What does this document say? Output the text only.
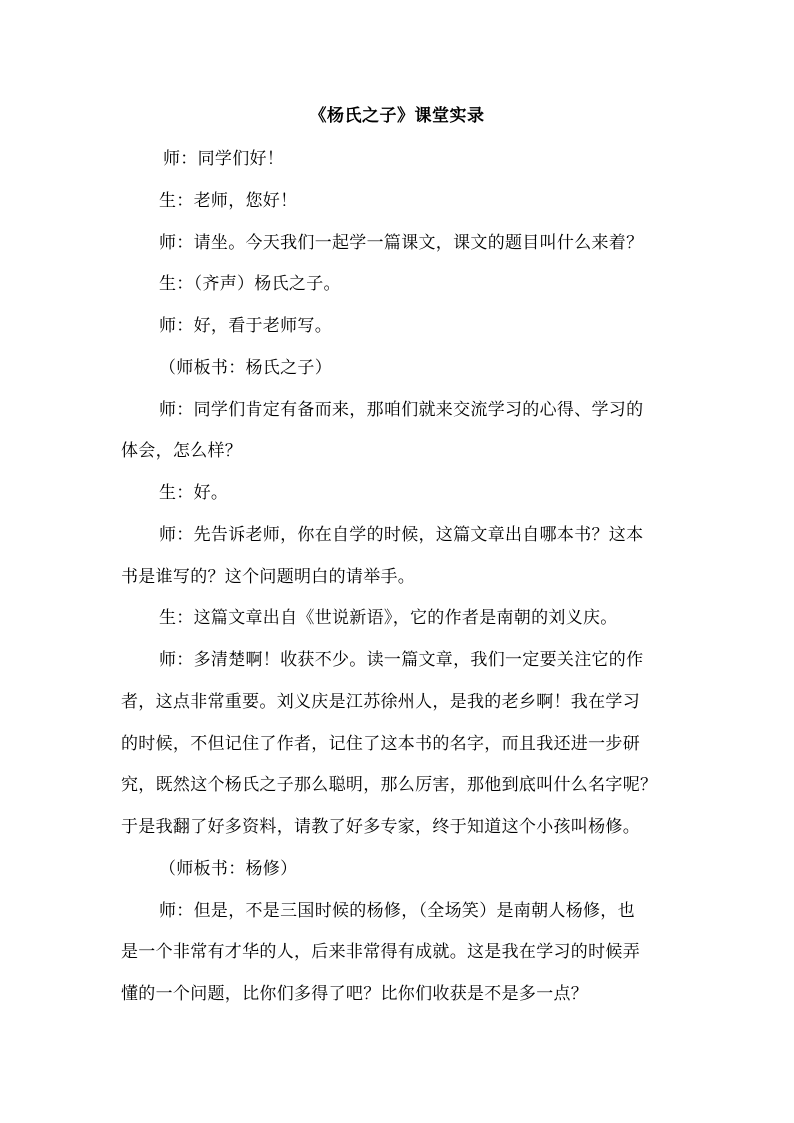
《杨氏之子》课堂实录
师：同学们好！
生：老师，您好！
师：请坐。今天我们一起学一篇课文，课文的题目叫什么来着？
生：（齐声）杨氏之子。
师：好，看于老师写。
（师板书：杨氏之子）
师：同学们肯定有备而来，那咱们就来交流学习的心得、学习的
体会，怎么样？
生：好。
师：先告诉老师，你在自学的时候，这篇文章出自哪本书？这本
书是谁写的？这个问题明白的请举手。
生：这篇文章出自《世说新语》，它的作者是南朝的刘义庆。
师：多清楚啊！收获不少。读一篇文章，我们一定要关注它的作
者，这点非常重要。刘义庆是江苏徐州人，是我的老乡啊！我在学习
的时候，不但记住了作者，记住了这本书的名字，而且我还进一步研
究，既然这个杨氏之子那么聪明，那么厉害，那他到底叫什么名字呢？
于是我翻了好多资料，请教了好多专家，终于知道这个小孩叫杨修。
（师板书：杨修）
师：但是，不是三国时候的杨修，（全场笑）是南朝人杨修，也
是一个非常有才华的人，后来非常得有成就。这是我在学习的时候弄
懂的一个问题，比你们多得了吧？比你们收获是不是多一点？
